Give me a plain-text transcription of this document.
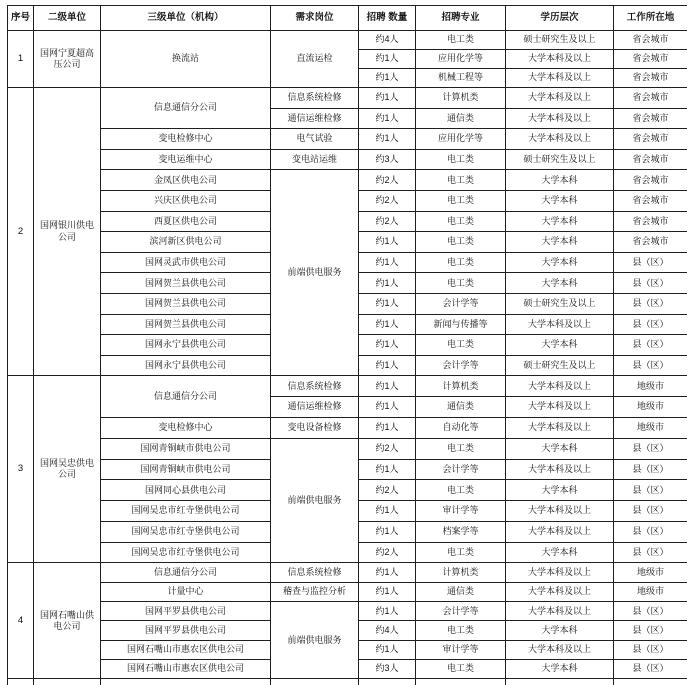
序号	二级单位	三级单位（机构）	需求岗位	招聘 数量	招聘专业	学历层次	工作所在地
1	国网宁夏超高压公司	换流站	直流运检	约4人	电工类	硕士研究生及以上	省会城市
				约1人	应用化学等	大学本科及以上	省会城市
				约1人	机械工程等	大学本科及以上	省会城市
2	国网银川供电公司	信息通信分公司	信息系统检修	约1人	计算机类	大学本科及以上	省会城市
			通信运维检修	约1人	通信类	大学本科及以上	省会城市
		变电检修中心	电气试验	约1人	应用化学等	大学本科及以上	省会城市
		变电运维中心	变电站运维	约3人	电工类	硕士研究生及以上	省会城市
		金凤区供电公司	前端供电服务	约2人	电工类	大学本科	省会城市
		兴庆区供电公司		约2人	电工类	大学本科	省会城市
		西夏区供电公司		约2人	电工类	大学本科	省会城市
		滨河新区供电公司		约1人	电工类	大学本科	省会城市
		国网灵武市供电公司		约1人	电工类	大学本科	县（区）
		国网贺兰县供电公司		约1人	电工类	大学本科	县（区）
		国网贺兰县供电公司		约1人	会计学等	硕士研究生及以上	县（区）
		国网贺兰县供电公司		约1人	新闻与传播等	大学本科及以上	县（区）
		国网永宁县供电公司		约1人	电工类	大学本科	县（区）
		国网永宁县供电公司		约1人	会计学等	硕士研究生及以上	县（区）
3	国网吴忠供电公司	信息通信分公司	信息系统检修	约1人	计算机类	大学本科及以上	地级市
			通信运维检修	约1人	通信类	大学本科及以上	地级市
		变电检修中心	变电设备检修	约1人	自动化等	大学本科及以上	地级市
		国网青铜峡市供电公司	前端供电服务	约2人	电工类	大学本科	县（区）
		国网青铜峡市供电公司		约1人	会计学等	大学本科及以上	县（区）
		国网同心县供电公司		约2人	电工类	大学本科	县（区）
		国网吴忠市红寺堡供电公司		约1人	审计学等	大学本科及以上	县（区）
		国网吴忠市红寺堡供电公司		约1人	档案学等	大学本科及以上	县（区）
		国网吴忠市红寺堡供电公司		约2人	电工类	大学本科	县（区）
4	国网石嘴山供电公司	信息通信分公司	信息系统检修	约1人	计算机类	大学本科及以上	地级市
		计量中心	稽查与监控分析	约1人	通信类	大学本科及以上	地级市
		国网平罗县供电公司	前端供电服务	约1人	会计学等	大学本科及以上	县（区）
		国网平罗县供电公司		约4人	电工类	大学本科	县（区）
		国网石嘴山市惠农区供电公司		约1人	审计学等	大学本科及以上	县（区）
		国网石嘴山市惠农区供电公司		约3人	电工类	大学本科	县（区）
